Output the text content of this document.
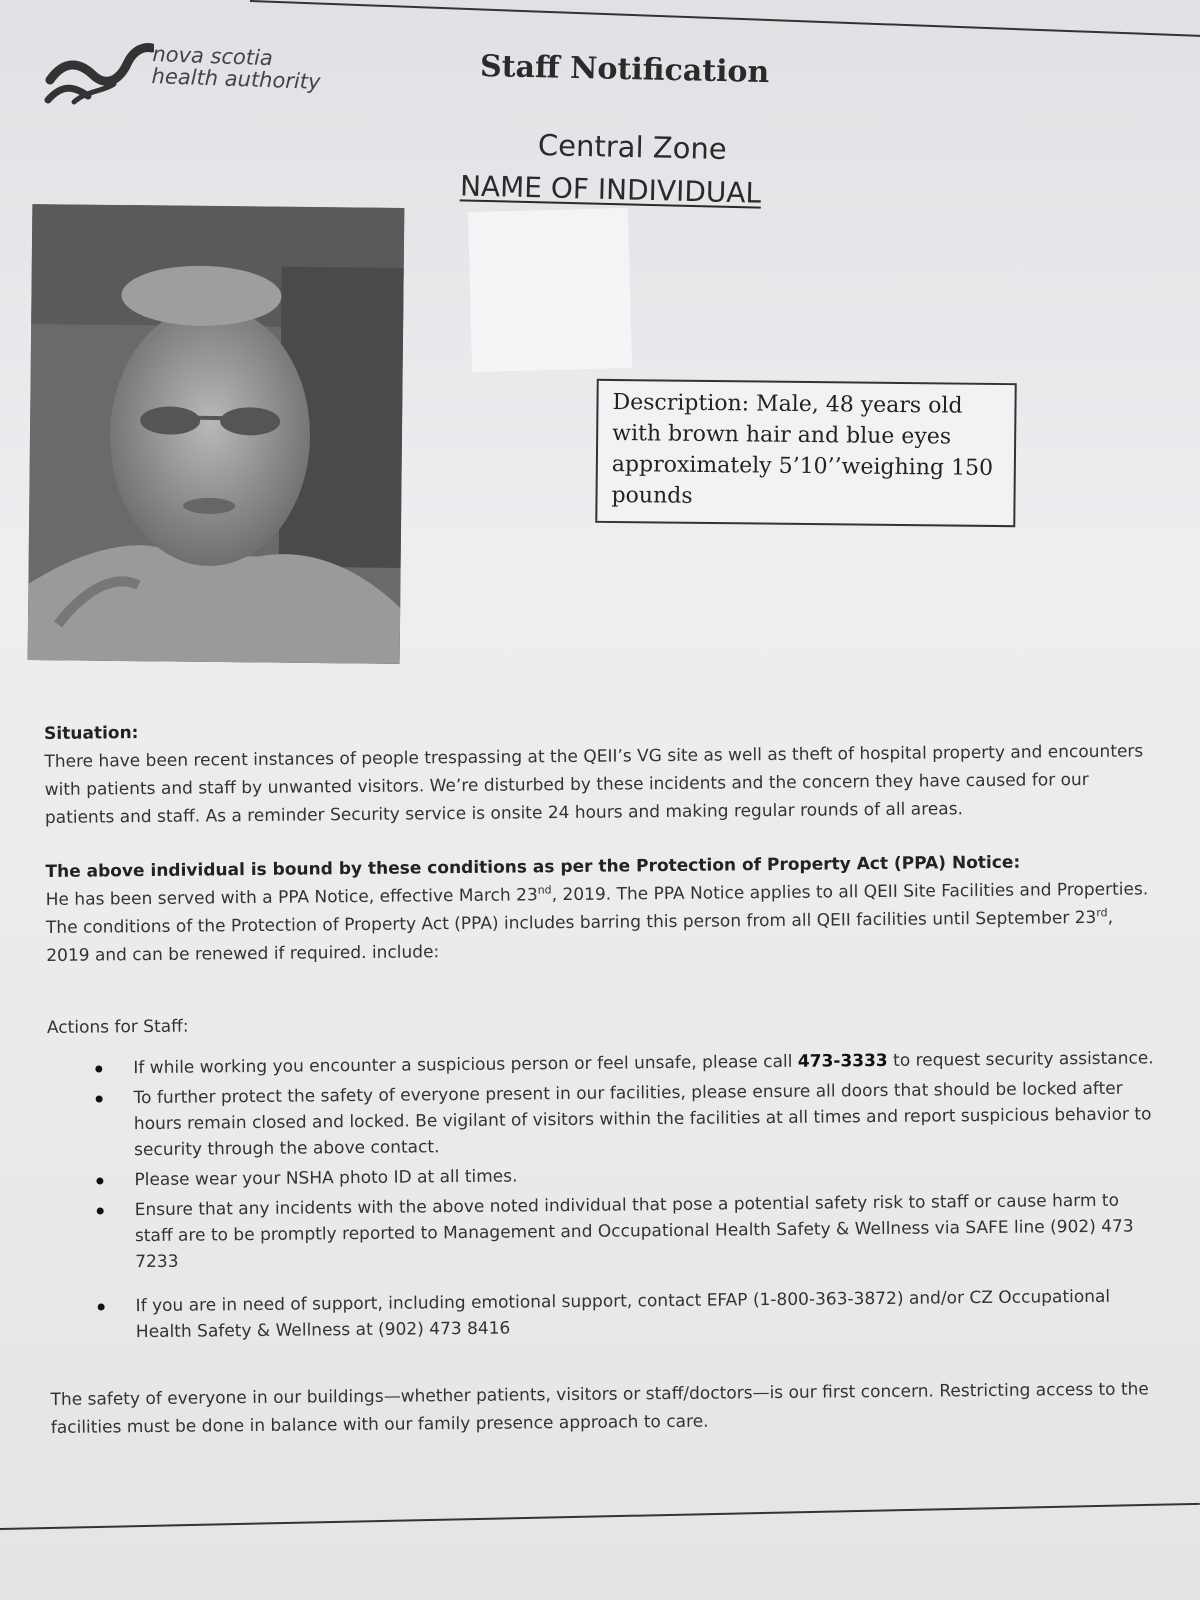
nova scotia
health authority	Staff Notification
Central Zone
NAME OF INDIVIDUAL
Description: Male, 48 years old
with brown hair and blue eyes
approximately 5’10’’weighing 150
pounds
Situation:

There have been recent instances of people trespassing at the QEII’s VG site as well as theft of hospital property and encounters with patients and staff by unwanted visitors. We’re disturbed by these incidents and the concern they have caused for our patients and staff. As a reminder Security service is onsite 24 hours and making regular rounds of all areas.

The above individual is bound by these conditions as per the Protection of Property Act (PPA) Notice:

He has been served with a PPA Notice, effective March 23nd, 2019. The PPA Notice applies to all QEII Site Facilities and Properties. The conditions of the Protection of Property Act (PPA) includes barring this person from all QEII facilities until September 23rd, 2019 and can be renewed if required. include:

Actions for Staff:
If while working you encounter a suspicious person or feel unsafe, please call 473-3333 to request security assistance.
To further protect the safety of everyone present in our facilities, please ensure all doors that should be locked after hours remain closed and locked. Be vigilant of visitors within the facilities at all times and report suspicious behavior to security through the above contact.
Please wear your NSHA photo ID at all times.
Ensure that any incidents with the above noted individual that pose a potential safety risk to staff or cause harm to staff are to be promptly reported to Management and Occupational Health Safety & Wellness via SAFE line (902) 473 7233
If you are in need of support, including emotional support, contact EFAP (1-800-363-3872) and/or CZ Occupational Health Safety & Wellness at (902) 473 8416

The safety of everyone in our buildings—whether patients, visitors or staff/doctors—is our first concern. Restricting access to the facilities must be done in balance with our family presence approach to care.
